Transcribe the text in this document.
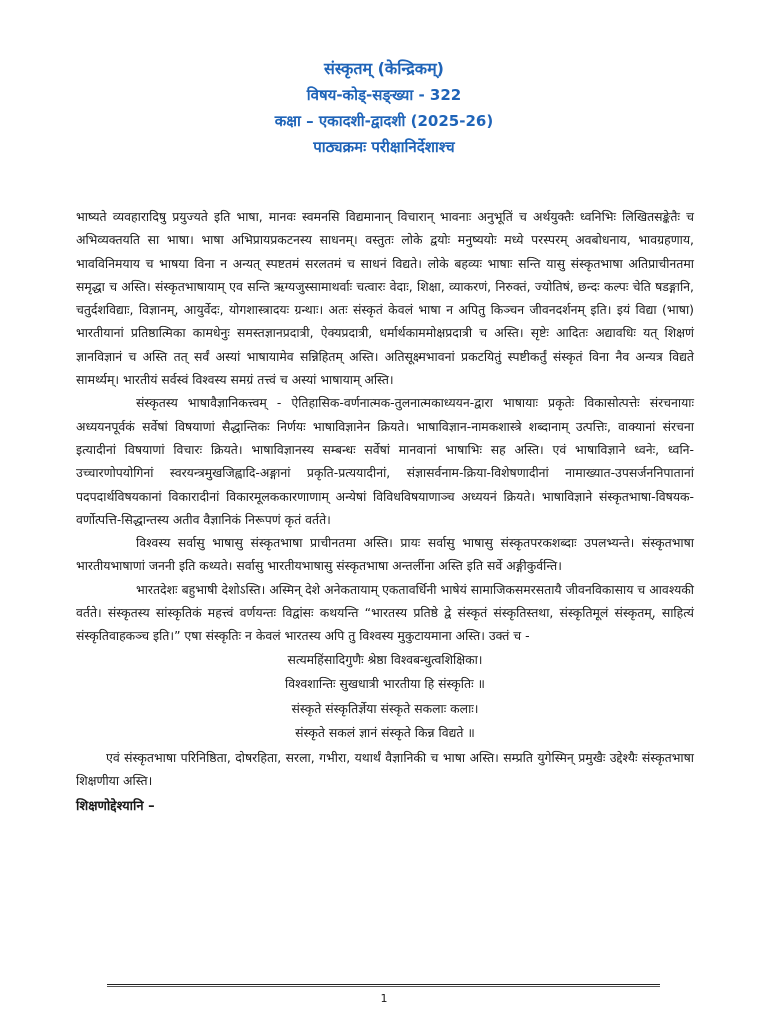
संस्कृतम् (केन्द्रिकम्)
विषय-कोड्-सङ्ख्या - 322
कक्षा – एकादशी-द्वादशी (2025-26)
पाठ्यक्रमः परीक्षानिर्देशाश्च

भाष्यते व्यवहारादिषु प्रयुज्यते इति भाषा, मानवः स्वमनसि विद्यमानान् विचारान् भावनाः अनुभूतिं च अर्थयुक्तैः ध्वनिभिः लिखितसङ्केतैः च अभिव्यक्तयति सा भाषा। भाषा अभिप्रायप्रकटनस्य साधनम्। वस्तुतः लोके द्वयोः मनुष्ययोः मध्ये परस्परम् अवबोधनाय, भावग्रहणाय, भावविनिमयाय च भाषया विना न अन्यत् स्पष्टतमं सरलतमं च साधनं विद्यते। लोके बहव्यः भाषाः सन्ति यासु संस्कृतभाषा अतिप्राचीनतमा समृद्धा च अस्ति। संस्कृतभाषायाम् एव सन्ति ऋग्यजुस्सामाथर्वाः चत्वारः वेदाः, शिक्षा, व्याकरणं, निरुक्तं, ज्योतिषं, छन्दः कल्पः चेति षडङ्गानि, चतुर्दशविद्याः, विज्ञानम्, आयुर्वेदः, योगशास्त्रादयः ग्रन्थाः। अतः संस्कृतं केवलं भाषा न अपितु किञ्चन जीवनदर्शनम् इति। इयं विद्या (भाषा) भारतीयानां प्रतिष्ठात्मिका कामधेनुः समस्तज्ञानप्रदात्री, ऐक्यप्रदात्री, धर्मार्थकाममोक्षप्रदात्री च अस्ति। सृष्टेः आदितः अद्यावधिः यत् शिक्षणं ज्ञानविज्ञानं च अस्ति तत् सर्वं अस्यां भाषायामेव सन्निहितम् अस्ति। अतिसूक्ष्मभावनां प्रकटयितुं स्पष्टीकर्तुं संस्कृतं विना नैव अन्यत्र विद्यते सामर्थ्यम्। भारतीयं सर्वस्वं विश्वस्य समग्रं तत्त्वं च अस्यां भाषायाम् अस्ति।

संस्कृतस्य भाषावैज्ञानिकत्त्वम् - ऐतिहासिक-वर्णनात्मक-तुलनात्मकाध्ययन-द्वारा भाषायाः प्रकृतेः विकासोत्पत्तेः संरचनायाः अध्ययनपूर्वकं सर्वेषां विषयाणां सैद्धान्तिकः निर्णयः भाषाविज्ञानेन क्रियते। भाषाविज्ञान-नामकशास्त्रे शब्दानाम् उत्पत्तिः, वाक्यानां संरचना इत्यादीनां विषयाणां विचारः क्रियते। भाषाविज्ञानस्य सम्बन्धः सर्वेषां मानवानां भाषाभिः सह अस्ति। एवं भाषाविज्ञाने ध्वनेः, ध्वनि-उच्चारणोपयोगिनां स्वरयन्त्रमुखजिह्वादि-अङ्गानां प्रकृति-प्रत्ययादीनां, संज्ञासर्वनाम-क्रिया-विशेषणादीनां नामाख्यात-उपसर्जननिपातानां पदपदार्थविषयकानां विकारादीनां विकारमूलककारणाणाम् अन्येषां विविधविषयाणाञ्च अध्ययनं क्रियते। भाषाविज्ञाने संस्कृतभाषा-विषयक-वर्णोत्पत्ति-सिद्धान्तस्य अतीव वैज्ञानिकं निरूपणं कृतं वर्तते।

विश्वस्य सर्वासु भाषासु संस्कृतभाषा प्राचीनतमा अस्ति। प्रायः सर्वासु भाषासु संस्कृतपरकशब्दाः उपलभ्यन्ते। संस्कृतभाषा भारतीयभाषाणां जननी इति कथ्यते। सर्वासु भारतीयभाषासु संस्कृतभाषा अन्तर्लीना अस्ति इति सर्वे अङ्गीकुर्वन्ति।

भारतदेशः बहुभाषी देशोऽस्ति। अस्मिन् देशे अनेकतायाम् एकतावर्धिनी भाषेयं सामाजिकसमरसतायै जीवनविकासाय च आवश्यकी वर्तते। संस्कृतस्य सांस्कृतिकं महत्त्वं वर्णयन्तः विद्वांसः कथयन्ति “भारतस्य प्रतिष्ठे द्वे संस्कृतं संस्कृतिस्तथा, संस्कृतिमूलं संस्कृतम्, साहित्यं संस्कृतिवाहकञ्च इति।” एषा संस्कृतिः न केवलं भारतस्य अपि तु विश्वस्य मुकुटायमाना अस्ति। उक्तं च -

सत्यमहिंसादिगुणैः श्रेष्ठा विश्वबन्धुत्वशिक्षिका।
विश्वशान्तिः सुखधात्री भारतीया हि संस्कृतिः ॥
संस्कृते संस्कृतिर्ज्ञेया संस्कृते सकलाः कलाः।
संस्कृते सकलं ज्ञानं संस्कृते किन्न विद्यते ॥

एवं संस्कृतभाषा परिनिष्ठिता, दोषरहिता, सरला, गभीरा, यथार्थं वैज्ञानिकी च भाषा अस्ति। सम्प्रति युगेस्मिन् प्रमुखैः उद्देश्यैः संस्कृतभाषा शिक्षणीया अस्ति।

शिक्षणोद्देश्यानि –
1
